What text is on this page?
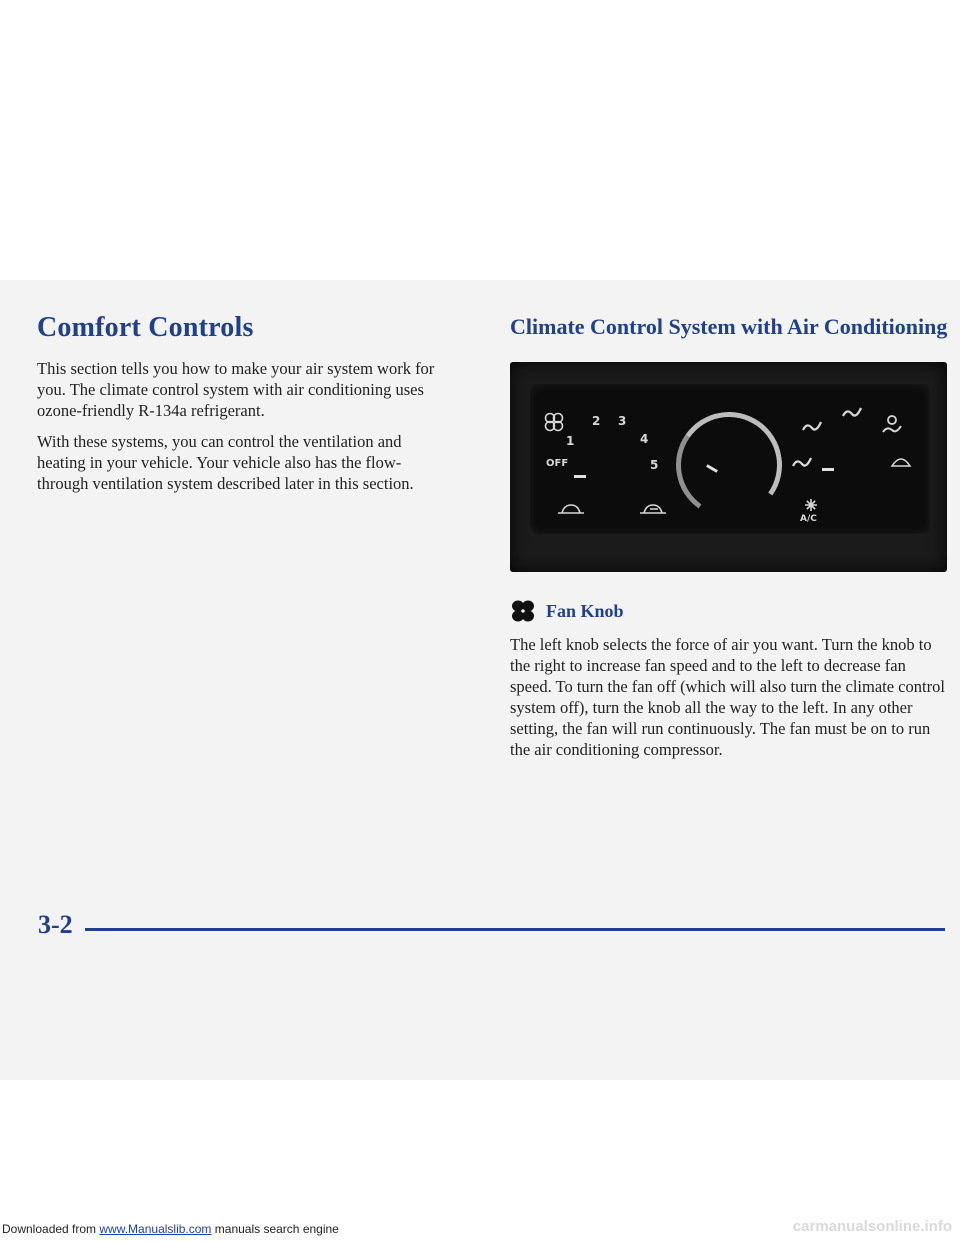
Comfort Controls

This section tells you how to make your air system work for you. The climate control system with air conditioning uses ozone-friendly R-134a refrigerant.

With these systems, you can control the ventilation and heating in your vehicle. Your vehicle also has the flow-through ventilation system described later in this section.

Climate Control System with Air Conditioning
2 3
1	4
OFF	5
A/C
Fan Knob

The left knob selects the force of air you want. Turn the knob to the right to increase fan speed and to the left to decrease fan speed. To turn the fan off (which will also turn the climate control system off), turn the knob all the way to the left. In any other setting, the fan will run continuously. The fan must be on to run the air conditioning compressor.

3-2
Downloaded from www.Manualslib.com manuals search engine	carmanualsonline.info
